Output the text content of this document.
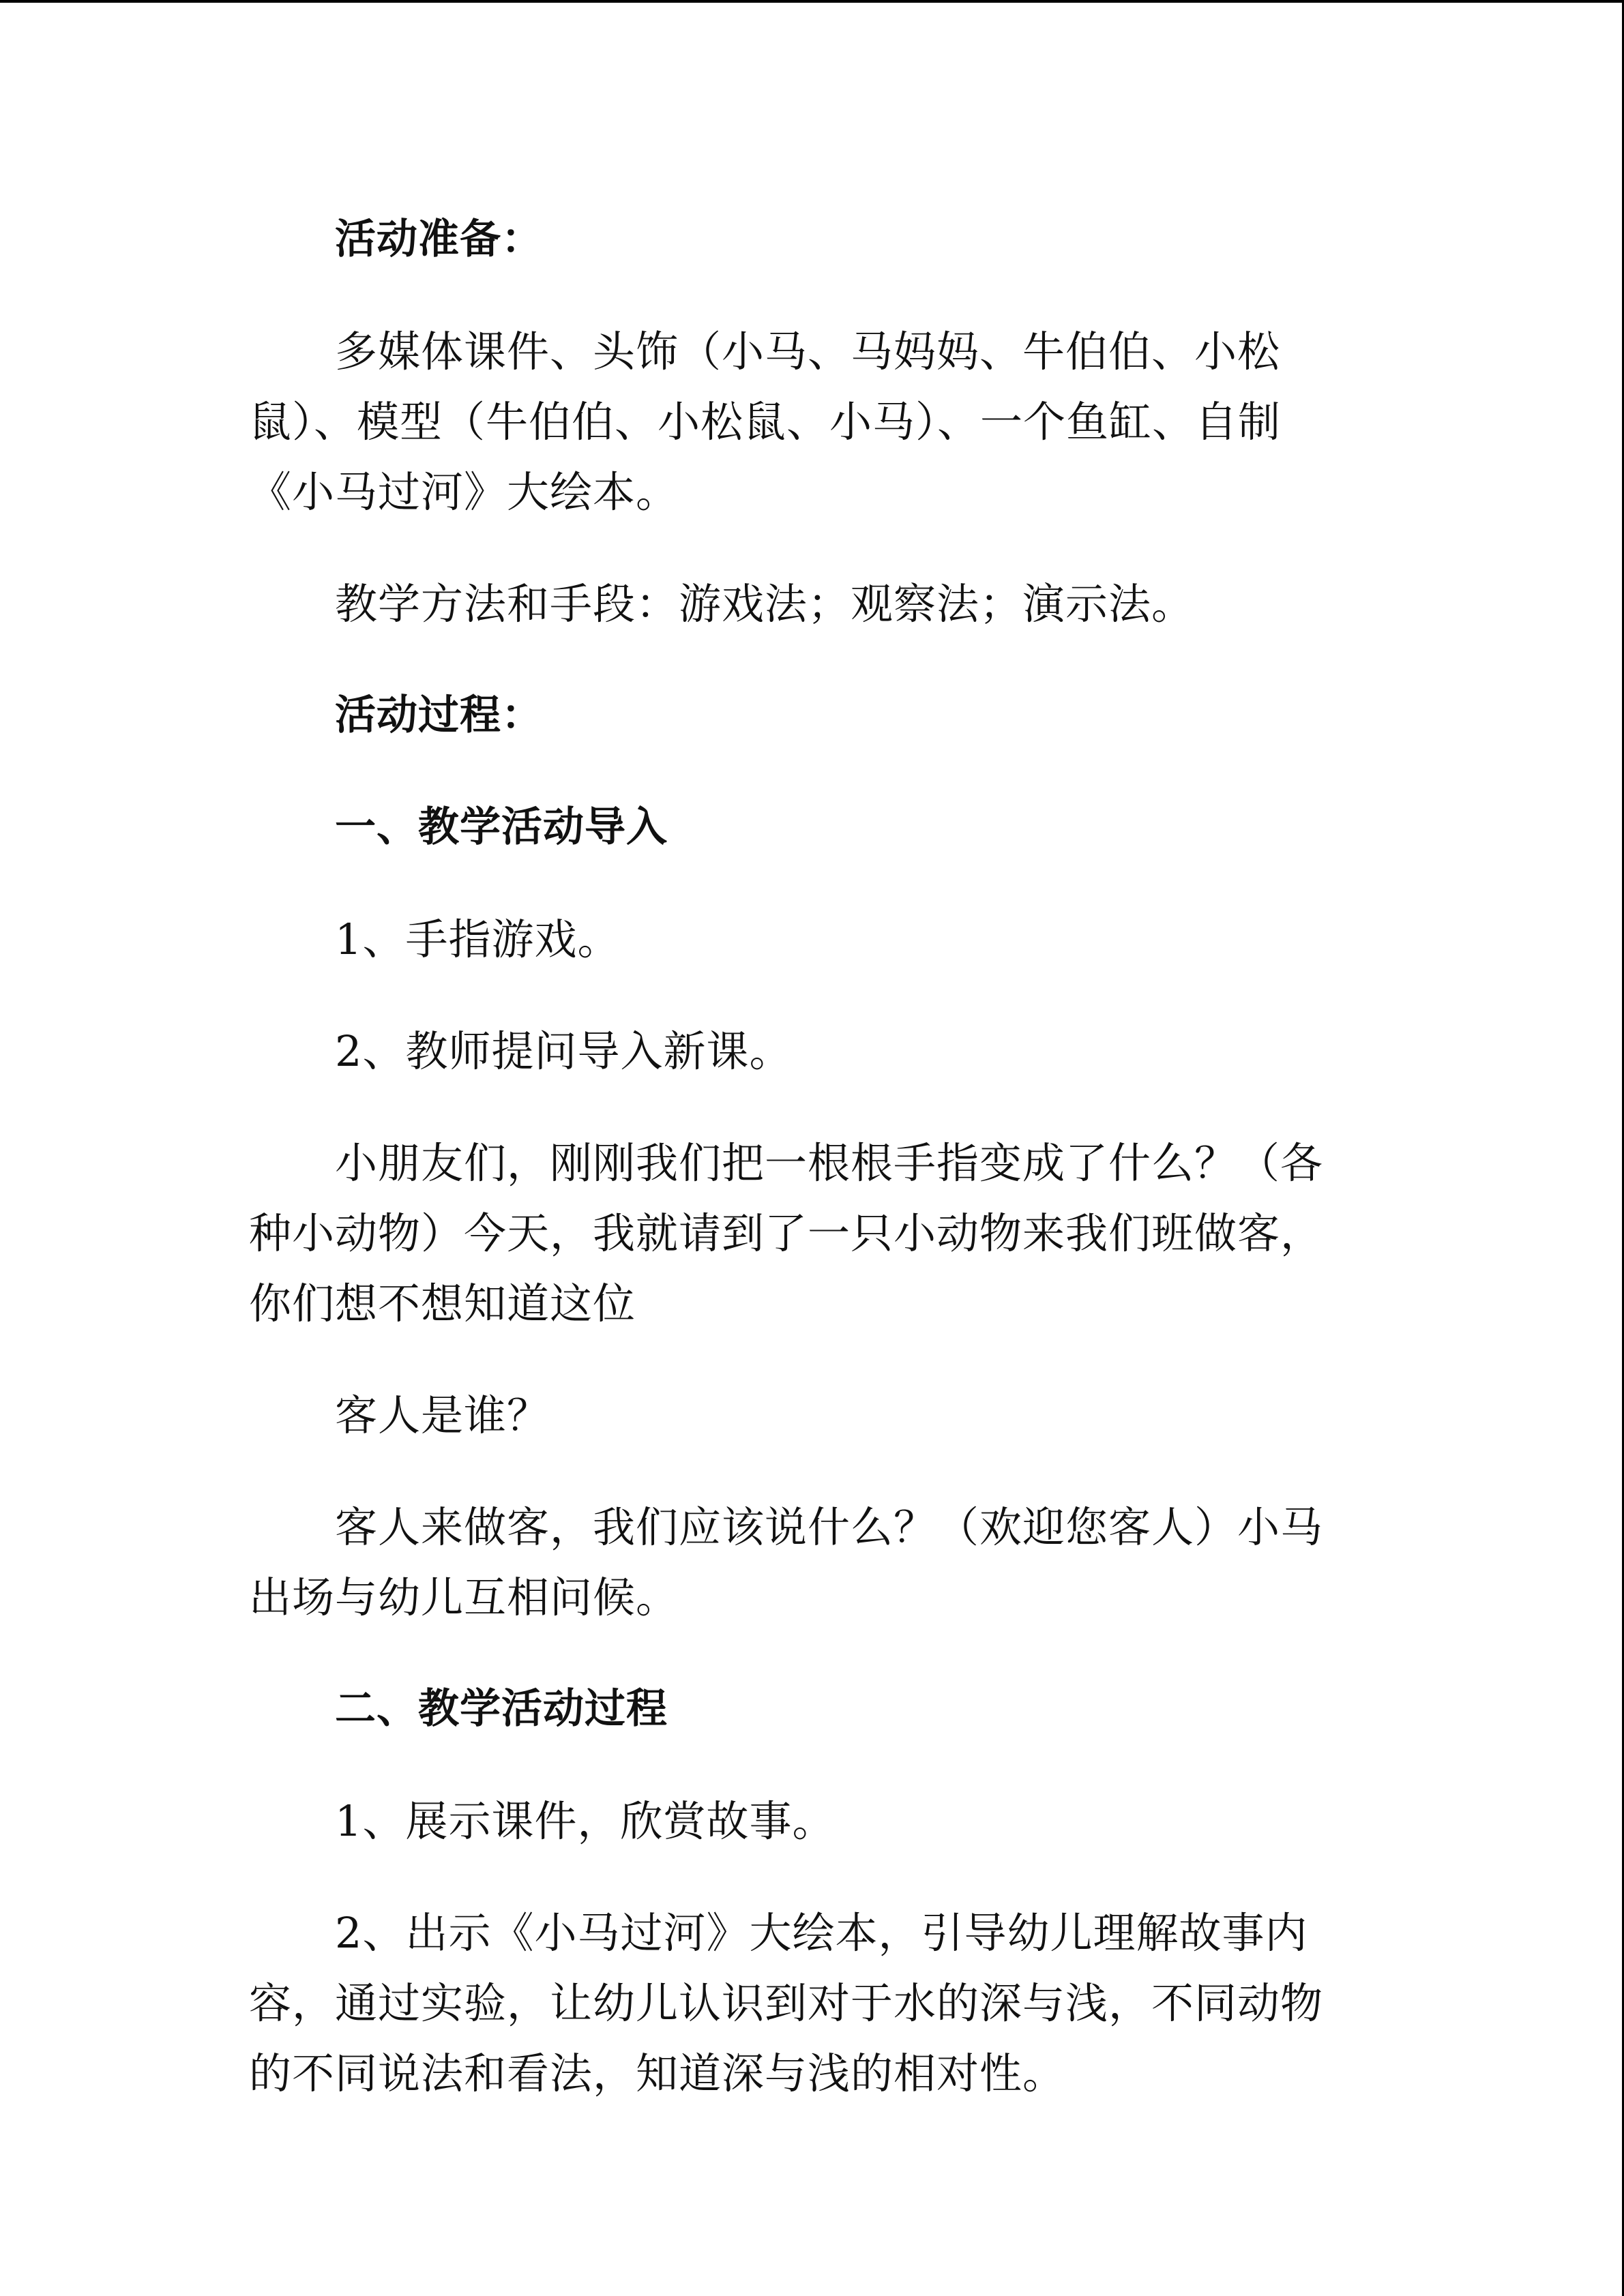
活动准备：

多媒体课件、头饰（小马、马妈妈、牛伯伯、小松鼠）、模型（牛伯伯、小松鼠、小马）、一个鱼缸、自制《小马过河》大绘本。

教学方法和手段：游戏法；观察法；演示法。

活动过程：

一、教学活动导入

1、手指游戏。

2、教师提问导入新课。

小朋友们，刚刚我们把一根根手指变成了什么？（各种小动物）今天，我就请到了一只小动物来我们班做客，你们想不想知道这位

客人是谁？

客人来做客，我们应该说什么？（欢迎您客人）小马出场与幼儿互相问候。

二、教学活动过程

1、展示课件，欣赏故事。

2、出示《小马过河》大绘本，引导幼儿理解故事内容，通过实验，让幼儿认识到对于水的深与浅，不同动物的不同说法和看法，知道深与浅的相对性。
